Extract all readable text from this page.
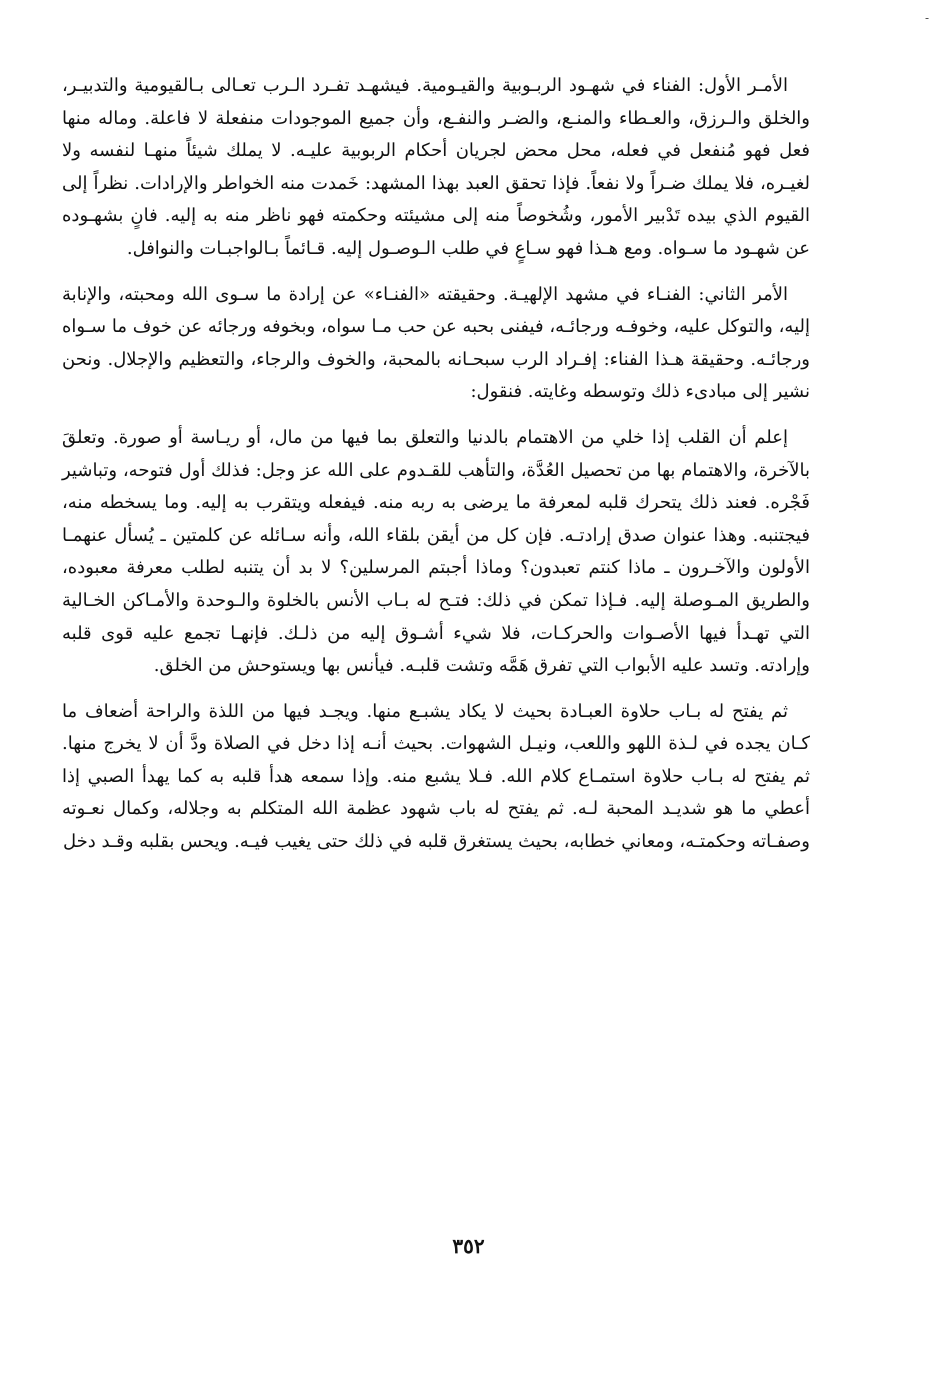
-

الأمـر الأول: الفناء في شهـود الربـوبية والقيـومية. فيشهـد تفـرد الـرب تعـالى بـالقيومية والتدبيـر، والخلق والـرزق، والعـطاء والمنـع، والضـر والنفـع، وأن جميع الموجودات منفعلة لا فاعلة. وماله منها فعل فهو مُنفعل في فعله، محل محض لجريان أحكام الربوبية عليـه. لا يملك شيئاً منهـا لنفسه ولا لغيـره، فلا يملك ضـراً ولا نفعاً. فإذا تحقق العبد بهذا المشهد: خَمدت منه الخواطر والإرادات. نظراً إلى القيوم الذي بيده تَدْبير الأمور، وشُخوصاً منه إلى مشيئته وحكمته فهو ناظر منه به إليه. فانٍ بشهـوده عن شهـود ما سـواه. ومع هـذا فهو سـاعٍ في طلب الـوصـول إليه. قـائماً بـالواجبـات والنوافل.

الأمر الثاني: الفنـاء في مشهد الإلهيـة. وحقيقته «الفنـاء» عن إرادة ما سـوى الله ومحبته، والإنابة إليه، والتوكل عليه، وخوفـه ورجائـه، فيفنى بحبه عن حب مـا سواه، وبخوفه ورجائه عن خوف ما سـواه ورجائـه. وحقيقة هـذا الفناء: إفـراد الرب سبحـانه بالمحبة، والخوف والرجاء، والتعظيم والإجلال. ونحن نشير إلى مبادىء ذلك وتوسطه وغايته. فنقول:

إعلم أن القلب إذا خلي من الاهتمام بالدنيا والتعلق بما فيها من مال، أو ريـاسة أو صورة. وتعلقَ بالآخرة، والاهتمام بها من تحصيل العُدَّة، والتأهب للقـدوم على الله عز وجل: فذلك أول فتوحه، وتباشير فَجْره. فعند ذلك يتحرك قلبه لمعرفة ما يرضى به ربه منه. فيفعله ويتقرب به إليه. وما يسخطه منه، فيجتنبه. وهذا عنوان صدق إرادتـه. فإن كل من أيقن بلقاء الله، وأنه سـائله عن كلمتين ـ يُسأل عنهمـا الأولون والآخـرون ـ ماذا كنتم تعبدون؟ وماذا أجبتم المرسلين؟ لا بد أن يتنبه لطلب معرفة معبوده، والطريق المـوصلة إليه. فـإذا تمكن في ذلك: فتـح له بـاب الأنس بالخلوة والـوحدة والأمـاكن الخـالية التي تهـدأ فيها الأصـوات والحركـات، فلا شيء أشـوق إليه من ذلـك. فإنهـا تجمع عليه قوى قلبه وإرادته. وتسد عليه الأبواب التي تفرق هَمَّه وتشت قلبـه. فيأنس بها ويستوحش من الخلق.

ثم يفتح له بـاب حلاوة العبـادة بحيث لا يكاد يشبـع منها. ويجـد فيها من اللذة والراحة أضعاف ما كـان يجده في لـذة اللهو واللعب، ونيـل الشهوات. بحيث أنـه إذا دخل في الصلاة ودَّ أن لا يخرج منها. ثم يفتح له بـاب حلاوة استمـاع كلام الله. فـلا يشبع منه. وإذا سمعه هدأ قلبه به كما يهدأ الصبي إذا أعطي ما هو شديـد المحبة لـه. ثم يفتح له باب شهود عظمة الله المتكلم به وجلاله، وكمال نعـوته وصفـاته وحكمتـه، ومعاني خطابه، بحيث يستغرق قلبه في ذلك حتى يغيب فيـه. ويحس بقلبه وقـد دخل

٣٥٢
